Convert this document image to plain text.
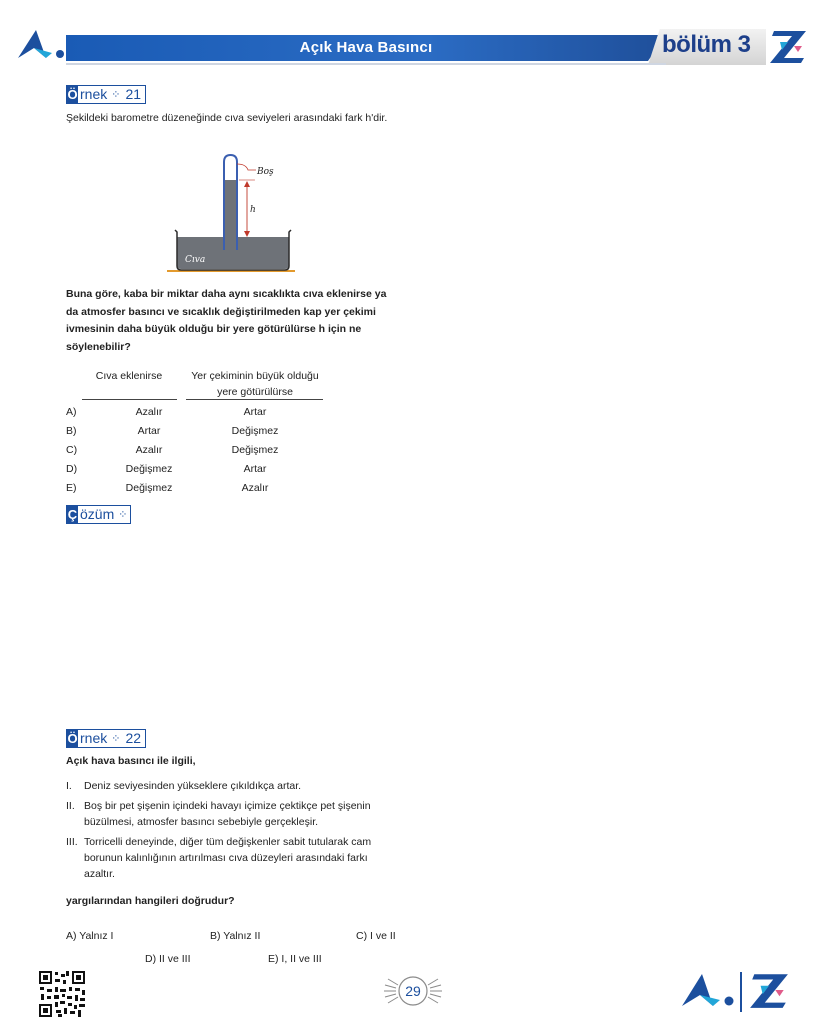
Açık Hava Basıncı	bölüm 3
Ö rnek ⁘ 21
Şekildeki barometre düzeneğinde cıva seviyeleri arasındaki fark h'dir.
Boş
h
Cıva
Buna göre, kaba bir miktar daha aynı sıcaklıkta cıva eklenirse ya da atmosfer basıncı ve sıcaklık değiştirilmeden kap yer çekimi ivmesinin daha büyük olduğu bir yere götürülürse h için ne söylenebilir?
Cıva eklenirse	Yer çekiminin büyük olduğu yere götürülürse
A)	Azalır	Artar
B)	Artar	Değişmez
C)	Azalır	Değişmez
D)	Değişmez	Artar
E)	Değişmez	Azalır
Ç özüm ⁘
Ö rnek ⁘ 22
Açık hava basıncı ile ilgili,
I.	Deniz seviyesinden yükseklere çıkıldıkça artar.
II. Boş bir pet şişenin içindeki havayı içimize çektikçe pet şişenin büzülmesi, atmosfer basıncı sebebiyle gerçekleşir.
III. Torricelli deneyinde, diğer tüm değişkenler sabit tutularak cam borunun kalınlığının artırılması cıva düzeyleri arasındaki farkı azaltır.
yargılarından hangileri doğrudur?
A) Yalnız I	B) Yalnız II	C) I ve II
D) II ve III	E) I, II ve III
29
